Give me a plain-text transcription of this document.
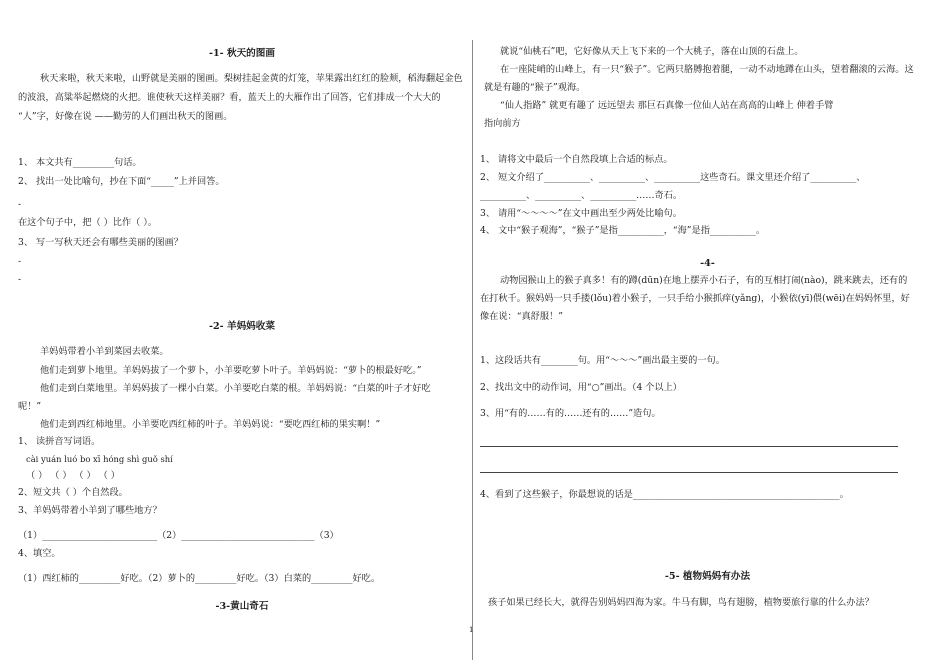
-1- 秋天的图画
秋天来啦，秋天来啦，山野就是美丽的图画。梨树挂起金黄的灯笼，苹果露出红红的脸颊，稻海翻起金色
的波浪，高粱举起燃烧的火把。谁使秋天这样美丽？看，蓝天上的大雁作出了回答，它们排成一个大大的
“人”字，好像在说 ——勤劳的人们画出秋天的图画。
1、 本文共有_________句话。
2、 找出一处比喻句，抄在下面“_____”上并回答。
-
在这个句子中，把（ ）比作（ ）。
3、 写一写秋天还会有哪些美丽的图画？
-
-
-2- 羊妈妈收菜
羊妈妈带着小羊到菜园去收菜。
他们走到萝卜地里。羊妈妈拔了一个萝卜，小羊要吃萝卜叶子。羊妈妈说：“萝卜的根最好吃。”
他们走到白菜地里。羊妈妈拔了一棵小白菜。小羊要吃白菜的根。羊妈妈说：“白菜的叶子才好吃
呢！”
他们走到西红柿地里。小羊要吃西红柿的叶子。羊妈妈说：“要吃西红柿的果实啊！”
1、 读拼音写词语。
cài yuán luó bo xī hóng shì guǒ shí
（ ） （ ） （ ） （ ）
2、短文共（ ）个自然段。
3、羊妈妈带着小羊到了哪些地方？
（1）_________________________（2）_____________________________（3）
4、填空。
（1）西红柿的_________好吃。（2）萝卜的_________好吃。（3）白菜的_________好吃。
-3-黄山奇石
就说“仙桃石”吧，它好像从天上飞下来的一个大桃子，落在山顶的石盘上。
在一座陡峭的山峰上，有一只“猴子”。它两只胳膊抱着腿，一动不动地蹲在山头，望着翻滚的云海。这
就是有趣的“猴子”观海。
“仙人指路” 就更有趣了 远远望去 那巨石真像一位仙人站在高高的山峰上 伸着手臂
指向前方
1、 请将文中最后一个自然段填上合适的标点。
2、 短文介绍了__________、__________、__________这些奇石。课文里还介绍了__________、
__________、__________、__________……奇石。
3、 请用“～～～～”在文中画出至少两处比喻句。
4、 文中“猴子观海”，“猴子”是指__________，“海”是指__________。
-4-
动物园猴山上的猴子真多！有的蹲(dūn)在地上摆弄小石子，有的互相打闹(nào)，跳来跳去，还有的
在打秋千。猴妈妈一只手搂(lǒu)着小猴子，一只手给小猴抓痒(yǎng)，小猴依(yī)偎(wēi)在妈妈怀里，好
像在说：“真舒服！”
1、这段话共有________句。用“～～～”画出最主要的一句。
2、找出文中的动作词，用“○”画出。（4 个以上）
3、用“有的……有的……还有的……”造句。
4、看到了这些猴子，你最想说的话是_____________________________________________。
-5- 植物妈妈有办法
孩子如果已经长大，就得告别妈妈四海为家。牛马有脚，鸟有翅膀，植物要旅行靠的什么办法？
1
